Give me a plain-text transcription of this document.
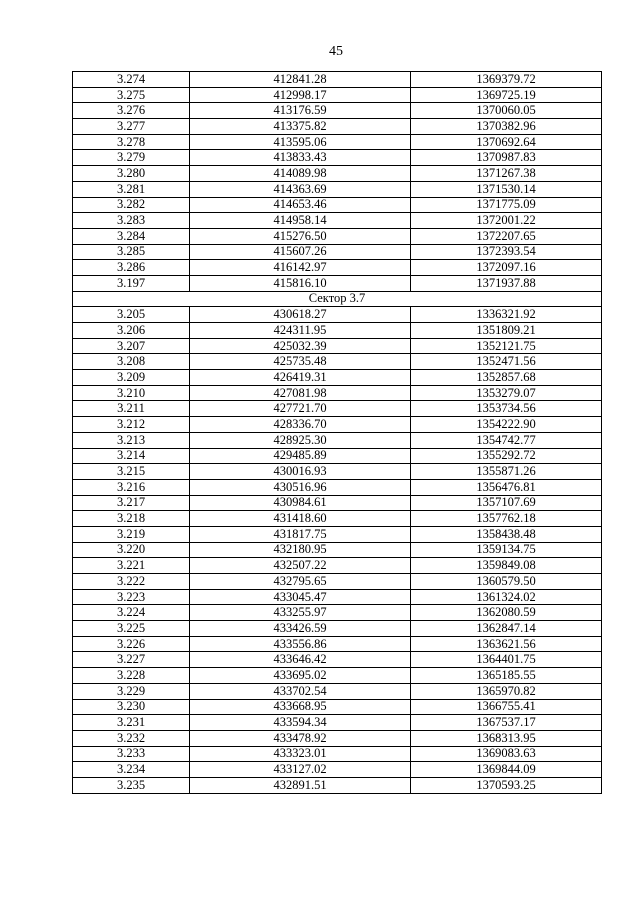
45
3.274	412841.28	1369379.72
3.275	412998.17	1369725.19
3.276	413176.59	1370060.05
3.277	413375.82	1370382.96
3.278	413595.06	1370692.64
3.279	413833.43	1370987.83
3.280	414089.98	1371267.38
3.281	414363.69	1371530.14
3.282	414653.46	1371775.09
3.283	414958.14	1372001.22
3.284	415276.50	1372207.65
3.285	415607.26	1372393.54
3.286	416142.97	1372097.16
3.197	415816.10	1371937.88
Сектор 3.7		
3.205	430618.27	1336321.92
3.206	424311.95	1351809.21
3.207	425032.39	1352121.75
3.208	425735.48	1352471.56
3.209	426419.31	1352857.68
3.210	427081.98	1353279.07
3.211	427721.70	1353734.56
3.212	428336.70	1354222.90
3.213	428925.30	1354742.77
3.214	429485.89	1355292.72
3.215	430016.93	1355871.26
3.216	430516.96	1356476.81
3.217	430984.61	1357107.69
3.218	431418.60	1357762.18
3.219	431817.75	1358438.48
3.220	432180.95	1359134.75
3.221	432507.22	1359849.08
3.222	432795.65	1360579.50
3.223	433045.47	1361324.02
3.224	433255.97	1362080.59
3.225	433426.59	1362847.14
3.226	433556.86	1363621.56
3.227	433646.42	1364401.75
3.228	433695.02	1365185.55
3.229	433702.54	1365970.82
3.230	433668.95	1366755.41
3.231	433594.34	1367537.17
3.232	433478.92	1368313.95
3.233	433323.01	1369083.63
3.234	433127.02	1369844.09
3.235	432891.51	1370593.25
